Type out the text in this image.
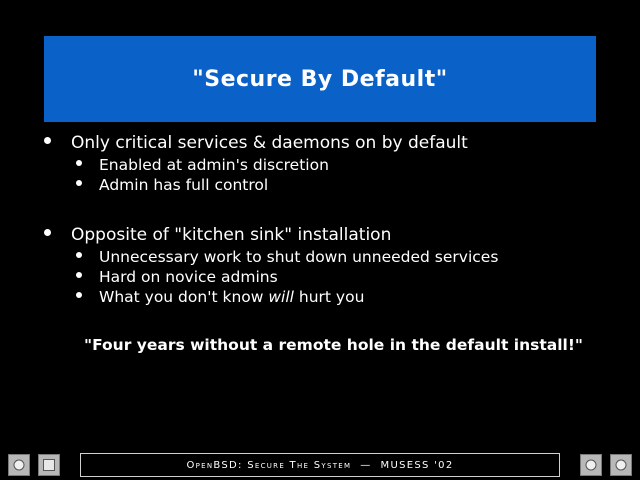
"Secure By Default"
Only critical services & daemons on by default
Enabled at admin's discretion
Admin has full control
Opposite of "kitchen sink" installation
Unnecessary work to shut down unneeded services
Hard on novice admins
What you don't know will hurt you
"Four years without a remote hole in the default install!"
OpenBSD: Secure The System  —  MUSESS '02
